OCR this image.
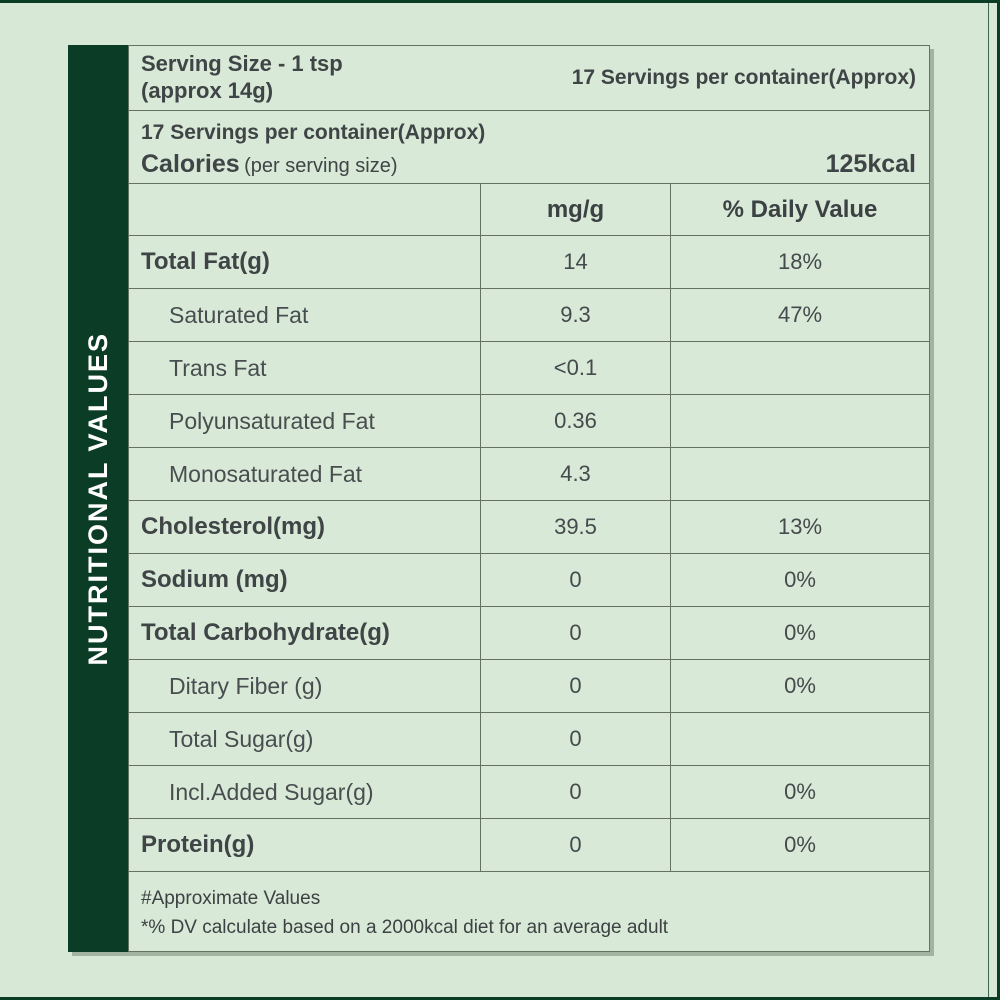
NUTRITIONAL VALUES
Serving Size - 1 tsp
(approx 14g)
17 Servings per container(Approx)
17 Servings per container(Approx)
Calories (per serving size)	125kcal
mg/g	% Daily Value
Total Fat(g)	14	18%
Saturated Fat	9.3	47%
Trans Fat	<0.1
Polyunsaturated Fat	0.36
Monosaturated Fat	4.3
Cholesterol(mg)	39.5	13%
Sodium (mg)	0	0%
Total Carbohydrate(g)	0	0%
Ditary Fiber (g)	0	0%
Total Sugar(g)	0
Incl.Added Sugar(g)	0	0%
Protein(g)	0	0%
#Approximate Values
*% DV calculate based on a 2000kcal diet for an average adult
